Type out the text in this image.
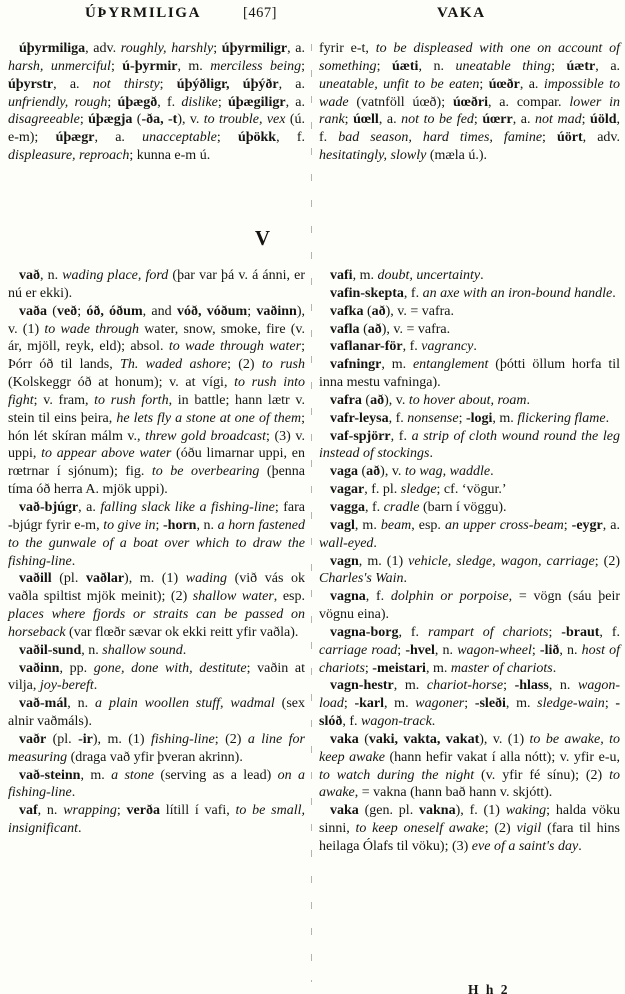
ÚÞYRMILIGA	[467]	VAKA

úþyrmiliga, adv. roughly, harshly; úþyrmiligr, a. harsh, unmerciful; ú-þyrmir, m. merciless being; úþyrstr, a. not thirsty; úþýðligr, úþýðr, a. unfriendly, rough; úþægð, f. dislike; úþægiligr, a. disagreeable; úþægja (-ða, -t), v. to trouble, vex (ú. e-m); úþægr, a. unacceptable; úþökk, f. displeasure, reproach; kunna e-m ú.

fyrir e-t, to be displeased with one on account of something; úæti, n. uneatable thing; úætr, a. uneatable, unfit to be eaten; úœðr, a. impossible to wade (vatnföll úœð); úœðri, a. compar. lower in rank; úœll, a. not to be fed; úœrr, a. not mad; úöld, f. bad season, hard times, famine; úört, adv. hesitatingly, slowly (mæla ú.).

V

vað, n. wading place, ford (þar var þá v. á ánni, er nú er ekki).

vaða (veð; óð, óðum, and vóð, vóðum; vaðinn), v. (1) to wade through water, snow, smoke, fire (v. ár, mjöll, reyk, eld); absol. to wade through water; Þórr óð til lands, Th. waded ashore; (2) to rush (Kolskeggr óð at honum); v. at vígi, to rush into fight; v. fram, to rush forth, in battle; hann lætr v. stein til eins þeira, he lets fly a stone at one of them; hón lét skíran málm v., threw gold broadcast; (3) v. uppi, to appear above water (óðu limarnar uppi, en rœtrnar í sjónum); fig. to be overbearing (þenna tíma óð herra A. mjök uppi).

vað-bjúgr, a. falling slack like a fishing-line; fara -bjúgr fyrir e-m, to give in; -horn, n. a horn fastened to the gunwale of a boat over which to draw the fishing-line.

vaðill (pl. vaðlar), m. (1) wading (við vás ok vaðla spiltist mjök meinit); (2) shallow water, esp. places where fjords or straits can be passed on horseback (var flœðr sævar ok ekki reitt yfir vaðla).

vaðil-sund, n. shallow sound.

vaðinn, pp. gone, done with, destitute; vaðin at vilja, joy-bereft.

vað-mál, n. a plain woollen stuff, wadmal (sex alnir vaðmáls).

vaðr (pl. -ir), m. (1) fishing-line; (2) a line for measuring (draga vað yfir þveran akrinn).

vað-steinn, m. a stone (serving as a lead) on a fishing-line.

vaf, n. wrapping; verða lítill í vafi, to be small, insignificant.

vafi, m. doubt, uncertainty.

vafin-skepta, f. an axe with an iron-bound handle.

vafka (að), v. = vafra.

vafla (að), v. = vafra.

vaflanar-för, f. vagrancy.

vafningr, m. entanglement (þótti öllum horfa til inna mestu vafninga).

vafra (að), v. to hover about, roam.

vafr-leysa, f. nonsense; -logi, m. flickering flame.

vaf-spjörr, f. a strip of cloth wound round the leg instead of stockings.

vaga (að), v. to wag, waddle.

vagar, f. pl. sledge; cf. ‘vögur.’

vagga, f. cradle (barn í vöggu).

vagl, m. beam, esp. an upper cross-beam; -eygr, a. wall-eyed.

vagn, m. (1) vehicle, sledge, wagon, carriage; (2) Charles's Wain.

vagna, f. dolphin or porpoise, = vögn (sáu þeir vögnu eina).

vagna-borg, f. rampart of chariots; -braut, f. carriage road; -hvel, n. wagon-wheel; -lið, n. host of chariots; -meistari, m. master of chariots.

vagn-hestr, m. chariot-horse; -hlass, n. wagon-load; -karl, m. wagoner; -sleði, m. sledge-wain; -slóð, f. wagon-track.

vaka (vaki, vakta, vakat), v. (1) to be awake, to keep awake (hann hefir vakat í alla nótt); v. yfir e-u, to watch during the night (v. yfir fé sínu); (2) to awake, = vakna (hann bað hann v. skjótt).

vaka (gen. pl. vakna), f. (1) waking; halda vöku sinni, to keep oneself awake; (2) vigil (fara til hins heilaga Ólafs til vöku); (3) eve of a saint's day.

H h 2
